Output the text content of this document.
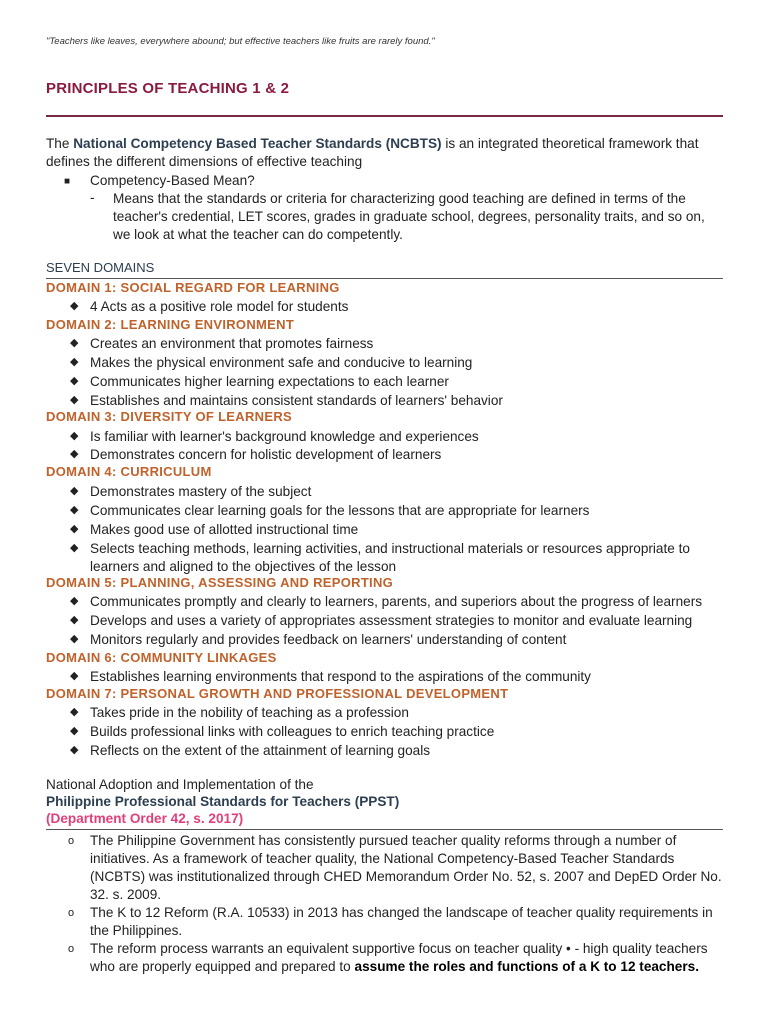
"Teachers like leaves, everywhere abound; but effective teachers like fruits are rarely found."
PRINCIPLES OF TEACHING 1 & 2
The National Competency Based Teacher Standards (NCBTS) is an integrated theoretical framework that defines the different dimensions of effective teaching
■ Competency-Based Mean?
- Means that the standards or criteria for characterizing good teaching are defined in terms of the teacher's credential, LET scores, grades in graduate school, degrees, personality traits, and so on, we look at what the teacher can do competently.
SEVEN DOMAINS
DOMAIN 1: SOCIAL REGARD FOR LEARNING
◆ 4 Acts as a positive role model for students
DOMAIN 2: LEARNING ENVIRONMENT
◆ Creates an environment that promotes fairness
◆ Makes the physical environment safe and conducive to learning
◆ Communicates higher learning expectations to each learner
◆ Establishes and maintains consistent standards of learners' behavior
DOMAIN 3: DIVERSITY OF LEARNERS
◆ Is familiar with learner's background knowledge and experiences
◆ Demonstrates concern for holistic development of learners
DOMAIN 4: CURRICULUM
◆ Demonstrates mastery of the subject
◆ Communicates clear learning goals for the lessons that are appropriate for learners
◆ Makes good use of allotted instructional time
◆ Selects teaching methods, learning activities, and instructional materials or resources appropriate to learners and aligned to the objectives of the lesson
DOMAIN 5: PLANNING, ASSESSING AND REPORTING
◆ Communicates promptly and clearly to learners, parents, and superiors about the progress of learners
◆ Develops and uses a variety of appropriates assessment strategies to monitor and evaluate learning
◆ Monitors regularly and provides feedback on learners' understanding of content
DOMAIN 6: COMMUNITY LINKAGES
◆ Establishes learning environments that respond to the aspirations of the community
DOMAIN 7: PERSONAL GROWTH AND PROFESSIONAL DEVELOPMENT
◆ Takes pride in the nobility of teaching as a profession
◆ Builds professional links with colleagues to enrich teaching practice
◆ Reflects on the extent of the attainment of learning goals
National Adoption and Implementation of the
Philippine Professional Standards for Teachers (PPST)
(Department Order 42, s. 2017)
o The Philippine Government has consistently pursued teacher quality reforms through a number of initiatives. As a framework of teacher quality, the National Competency-Based Teacher Standards (NCBTS) was institutionalized through CHED Memorandum Order No. 52, s. 2007 and DepED Order No. 32. s. 2009.
o The K to 12 Reform (R.A. 10533) in 2013 has changed the landscape of teacher quality requirements in the Philippines.
o The reform process warrants an equivalent supportive focus on teacher quality • - high quality teachers who are properly equipped and prepared to assume the roles and functions of a K to 12 teachers.
